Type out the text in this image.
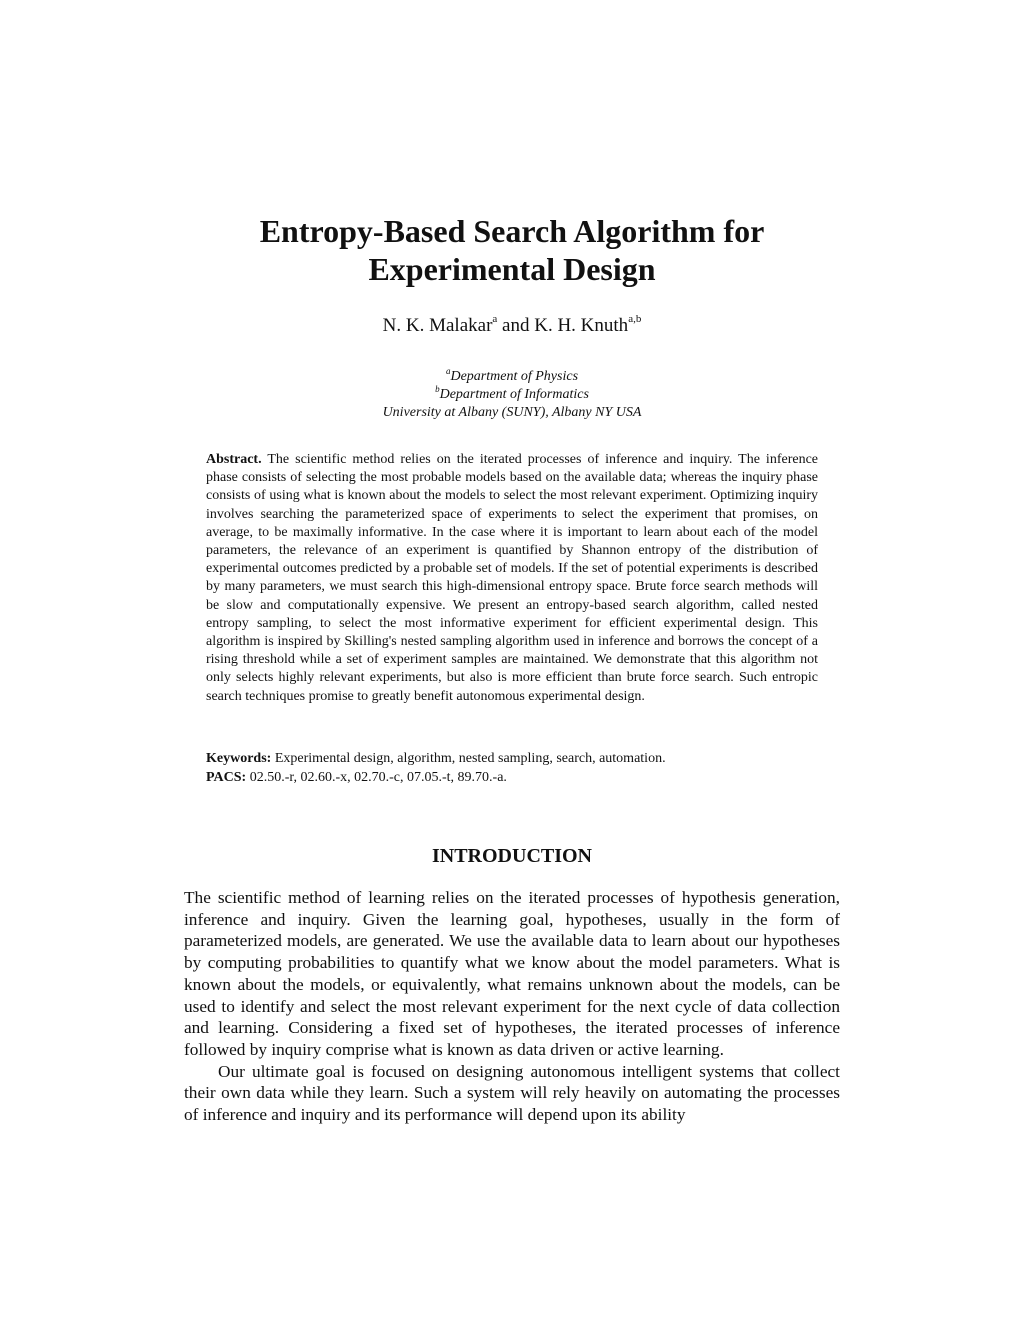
Entropy-Based Search Algorithm for
Experimental Design
N. K. Malakar$^a$ and K. H. Knuth$^{a,b}$
$^a$Department of Physics
$^b$Department of Informatics
University at Albany (SUNY), Albany NY USA

Abstract. The scientific method relies on the iterated processes of inference and inquiry. The inference phase consists of selecting the most probable models based on the available data; whereas the inquiry phase consists of using what is known about the models to select the most relevant experiment. Optimizing inquiry involves searching the parameterized space of experiments to select the experiment that promises, on average, to be maximally informative. In the case where it is important to learn about each of the model parameters, the relevance of an experiment is quantified by Shannon entropy of the distribution of experimental outcomes predicted by a probable set of models. If the set of potential experiments is described by many parameters, we must search this high-dimensional entropy space. Brute force search methods will be slow and computationally expensive. We present an entropy-based search algorithm, called nested entropy sampling, to select the most informative experiment for efficient experimental design. This algorithm is inspired by Skilling's nested sampling algorithm used in inference and borrows the concept of a rising threshold while a set of experiment samples are maintained. We demonstrate that this algorithm not only selects highly relevant experiments, but also is more efficient than brute force search. Such entropic search techniques promise to greatly benefit autonomous experimental design.

Keywords: Experimental design, algorithm, nested sampling, search, automation.

PACS: 02.50.-r, 02.60.-x, 02.70.-c, 07.05.-t, 89.70.-a.

INTRODUCTION

The scientific method of learning relies on the iterated processes of hypothesis generation, inference and inquiry. Given the learning goal, hypotheses, usually in the form of parameterized models, are generated. We use the available data to learn about our hypotheses by computing probabilities to quantify what we know about the model parameters. What is known about the models, or equivalently, what remains unknown about the models, can be used to identify and select the most relevant experiment for the next cycle of data collection and learning. Considering a fixed set of hypotheses, the iterated processes of inference followed by inquiry comprise what is known as data driven or active learning.

Our ultimate goal is focused on designing autonomous intelligent systems that collect their own data while they learn. Such a system will rely heavily on automating the processes of inference and inquiry and its performance will depend upon its ability
